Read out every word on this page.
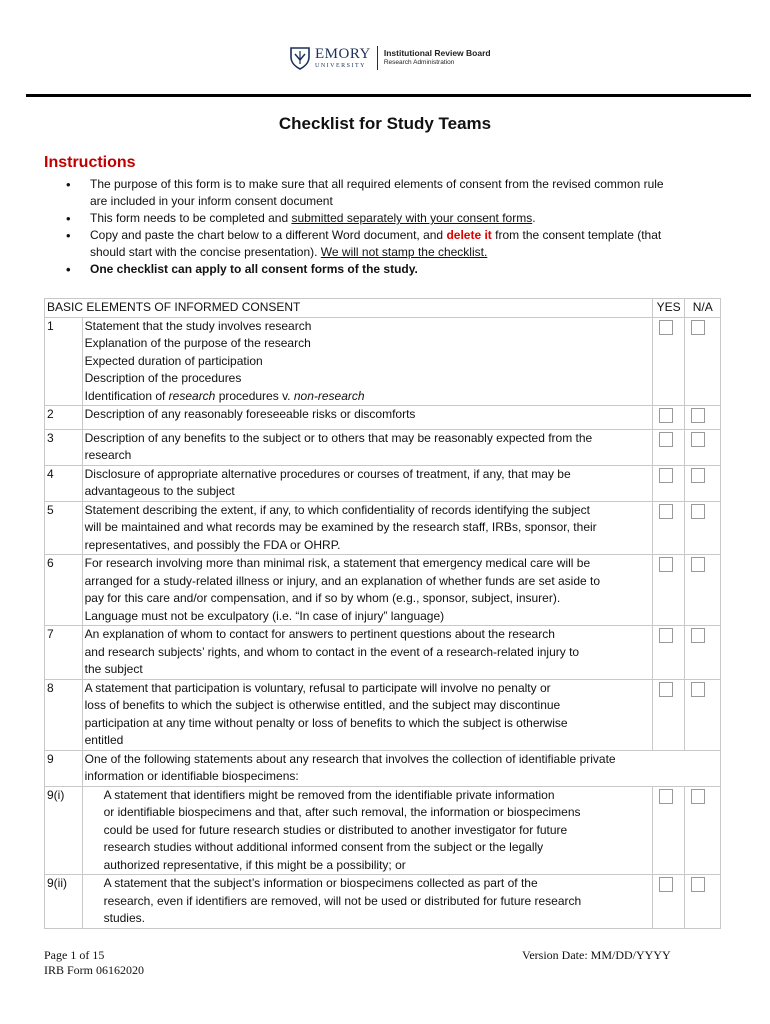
EMORY
UNIVERSITY
Institutional Review Board
Research Administration
Checklist for Study Teams
Instructions
• The purpose of this form is to make sure that all required elements of consent from the revised common rule
are included in your inform consent document
• This form needs to be completed and submitted separately with your consent forms.
• Copy and paste the chart below to a different Word document, and delete it from the consent template (that
should start with the concise presentation). We will not stamp the checklist.
• One checklist can apply to all consent forms of the study.
BASIC ELEMENTS OF INFORMED CONSENT		YES	N/A
1	Statement that the study involves research
Explanation of the purpose of the research
Expected duration of participation
Description of the procedures
Identification of research procedures v. non-research		

2	Description of any reasonably foreseeable risks or discomforts		

3	Description of any benefits to the subject or to others that may be reasonably expected from the
research		

4	Disclosure of appropriate alternative procedures or courses of treatment, if any, that may be
advantageous to the subject		

5	Statement describing the extent, if any, to which confidentiality of records identifying the subject
will be maintained and what records may be examined by the research staff, IRBs, sponsor, their
representatives, and possibly the FDA or OHRP.		

6	For research involving more than minimal risk, a statement that emergency medical care will be
arranged for a study-related illness or injury, and an explanation of whether funds are set aside to
pay for this care and/or compensation, and if so by whom (e.g., sponsor, subject, insurer).
Language must not be exculpatory (i.e. “In case of injury” language)		

7	An explanation of whom to contact for answers to pertinent questions about the research
and research subjects’ rights, and whom to contact in the event of a research-related injury to
the subject		

8	A statement that participation is voluntary, refusal to participate will involve no penalty or
loss of benefits to which the subject is otherwise entitled, and the subject may discontinue
participation at any time without penalty or loss of benefits to which the subject is otherwise
entitled		

9	One of the following statements about any research that involves the collection of identifiable private
information or identifiable biospecimens:		

9(i)	A statement that identifiers might be removed from the identifiable private information
or identifiable biospecimens and that, after such removal, the information or biospecimens
could be used for future research studies or distributed to another investigator for future
research studies without additional informed consent from the subject or the legally
authorized representative, if this might be a possibility; or		

9(ii)	A statement that the subject’s information or biospecimens collected as part of the
research, even if identifiers are removed, will not be used or distributed for future research
studies.		

Page 1 of 15
IRB Form 06162020
Version Date: MM/DD/YYYY
